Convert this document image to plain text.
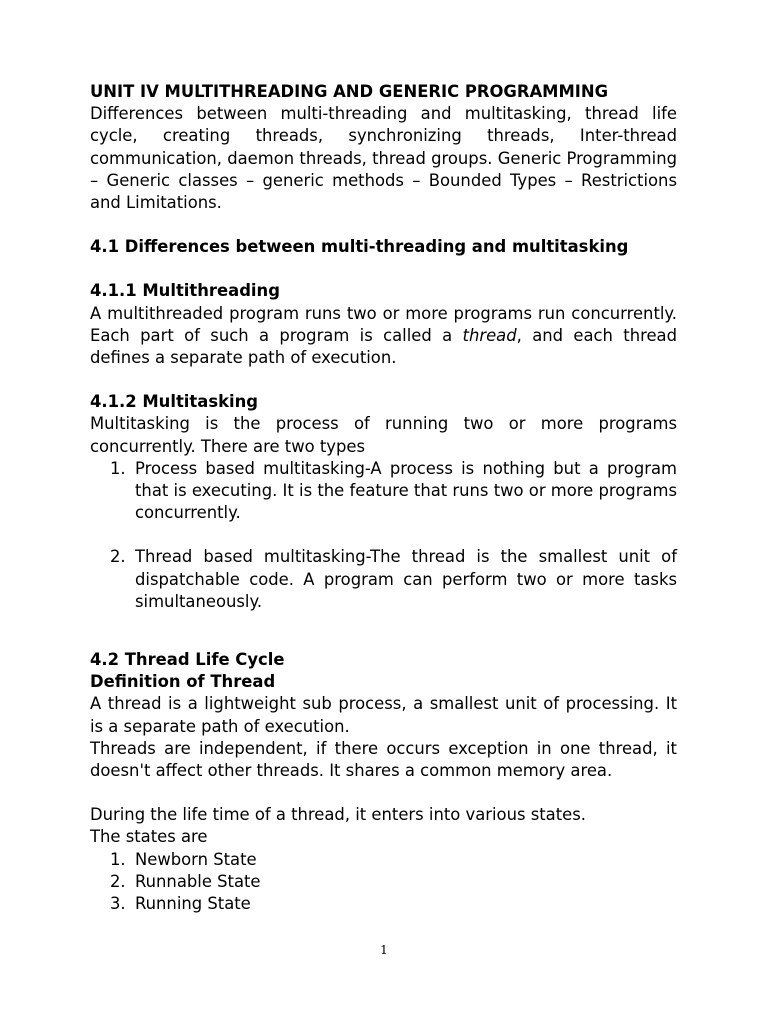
UNIT IV MULTITHREADING AND GENERIC PROGRAMMING

Differences between multi-threading and multitasking, thread life cycle, creating threads, synchronizing threads, Inter-thread communication, daemon threads, thread groups. Generic Programming – Generic classes – generic methods – Bounded Types – Restrictions and Limitations.

4.1 Differences between multi-threading and multitasking

4.1.1 Multithreading

A multithreaded program runs two or more programs run concurrently. Each part of such a program is called a thread, and each thread defines a separate path of execution.

4.1.2 Multitasking

Multitasking is the process of running two or more programs concurrently. There are two types

1. Process based multitasking-A process is nothing but a program that is executing. It is the feature that runs two or more programs concurrently.
2. Thread based multitasking-The thread is the smallest unit of dispatchable code. A program can perform two or more tasks simultaneously.

4.2 Thread Life Cycle

Definition of Thread

A thread is a lightweight sub process, a smallest unit of processing. It is a separate path of execution.

Threads are independent, if there occurs exception in one thread, it doesn't affect other threads. It shares a common memory area.

During the life time of a thread, it enters into various states.

The states are

1. Newborn State
2. Runnable State
3. Running State
1
